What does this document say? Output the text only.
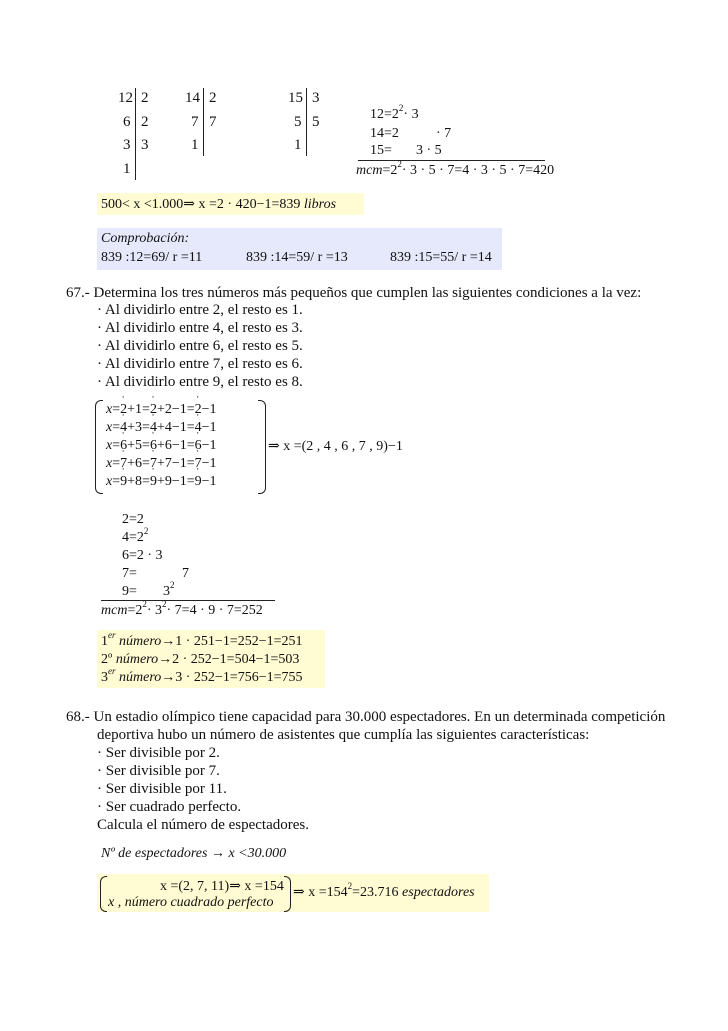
12 2
6 2
3 3
1
14 2
7 7
1
15 3
5 5
1
$12=2^2\cdot 3$
14=2	· 7
15= 3 · 5
$mcm=2^2\cdot 3 \cdot 5 \cdot 7=4 \cdot 3 \cdot 5 \cdot 7=420$
500< x <1.000⇒ x =2 · 420−1=839 libros
Comprobación:
839 :12=69/ r =11	839 :14=59/ r =13	839 :15=55/ r =14
67.- Determina los tres números más pequeños que cumplen las siguientes condiciones a la vez:
· Al dividirlo entre 2, el resto es 1.
· Al dividirlo entre 4, el resto es 3.
· Al dividirlo entre 6, el resto es 5.
· Al dividirlo entre 7, el resto es 6.
· Al dividirlo entre 9, el resto es 8.
x=˙ 2+1=˙ 2+2−1=˙ 2−1
x=˙ 4+3=˙ 4+4−1=˙ 4−1
x=˙ 6+5=˙ 6+6−1=˙ 6−1
x=˙ 7+6=˙ 7+7−1=˙ 7−1
x=˙ 9+8=˙ 9+9−1=˙ 9−1
⇒ x =(2 , 4 , 6 , 7 , 9)−1
2=2
$4=2^2$
6=2 · 3
7=	7
$9= 3^2$
$mcm=2^2\cdot 3^2\cdot 7=4 \cdot 9 \cdot 7=252$
1er número→1 · 251−1=252−1=251
2º número→2 · 252−1=504−1=503
3er número→3 · 252−1=756−1=755
68.- Un estadio olímpico tiene capacidad para 30.000 espectadores. En un determinada competición
deportiva hubo un número de asistentes que cumplía las siguientes características:
· Ser divisible por 2.
· Ser divisible por 7.
· Ser divisible por 11.
· Ser cuadrado perfecto.
Calcula el número de espectadores.
Nº de espectadores → x <30.000
x =(2, 7, 11)⇒ x =154
x , número cuadrado perfecto
⇒ $x =154^2=23.716$ espectadores
